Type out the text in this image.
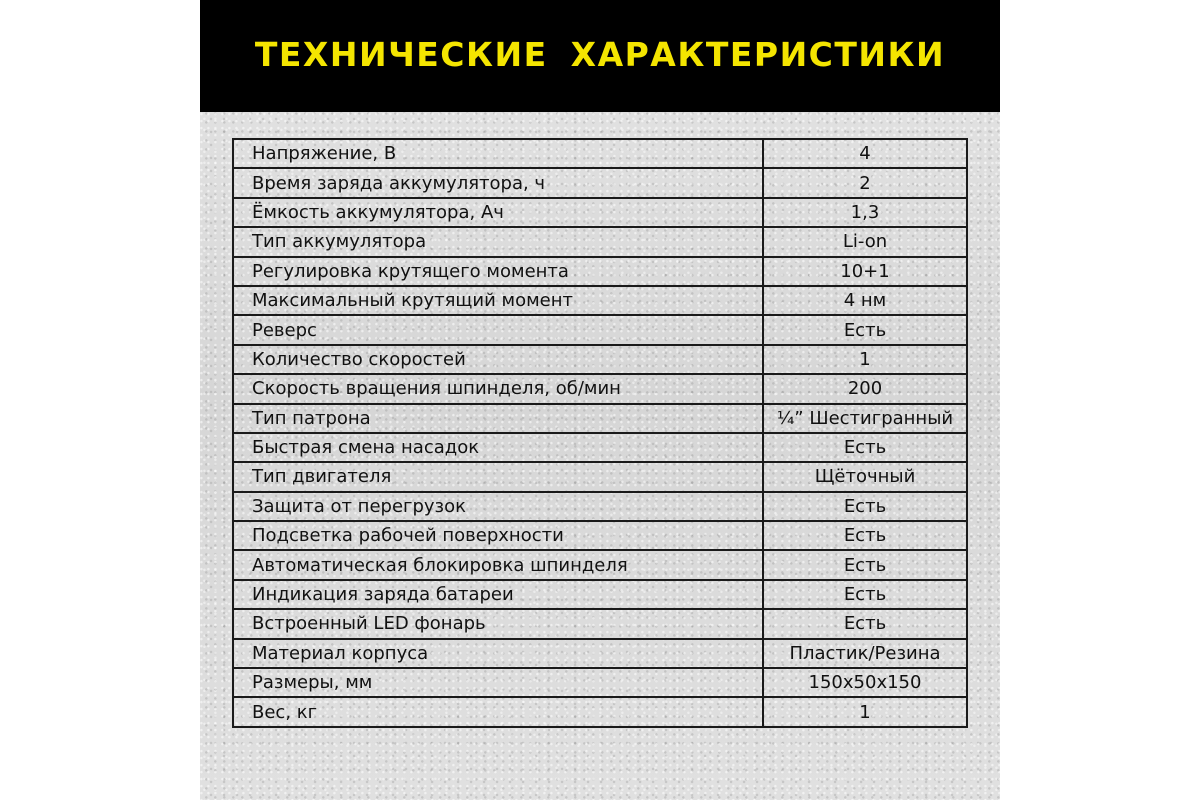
ТЕХНИЧЕСКИЕ ХАРАКТЕРИСТИКИ
Напряжение, В	4
Время заряда аккумулятора, ч	2
Ёмкость аккумулятора, Ач	1,3
Тип аккумулятора	Li-on
Регулировка крутящего момента	10+1
Максимальный крутящий момент	4 нм
Реверс	Есть
Количество скоростей	1
Скорость вращения шпинделя, об/мин	200
Тип патрона	¼” Шестигранный
Быстрая смена насадок	Есть
Тип двигателя	Щёточный
Защита от перегрузок	Есть
Подсветка рабочей поверхности	Есть
Автоматическая блокировка шпинделя	Есть
Индикация заряда батареи	Есть
Встроенный LED фонарь	Есть
Материал корпуса	Пластик/Резина
Размеры, мм	150x50x150
Вес, кг	1
